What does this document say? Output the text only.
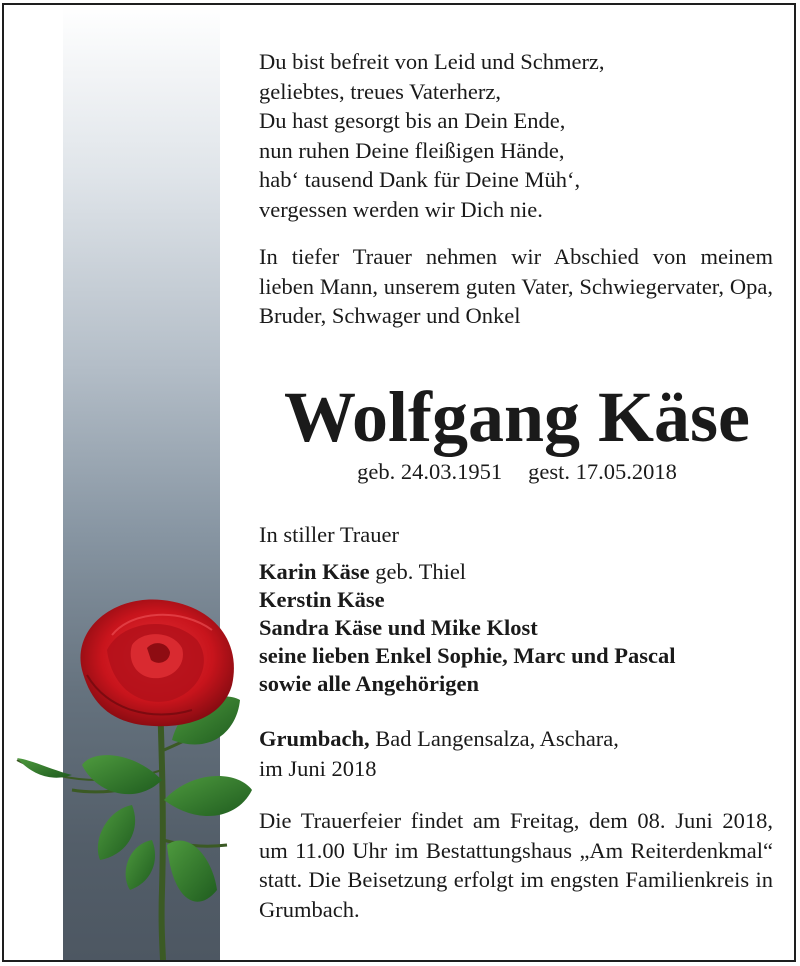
Du bist befreit von Leid und Schmerz,
geliebtes, treues Vaterherz,
Du hast gesorgt bis an Dein Ende,
nun ruhen Deine fleißigen Hände,
hab‘ tausend Dank für Deine Müh‘,
vergessen werden wir Dich nie.
In tiefer Trauer nehmen wir Abschied von meinem lieben Mann, unserem guten Vater, Schwiegervater, Opa, Bruder, Schwager und Onkel
Wolfgang Käse
geb. 24.03.1951 gest. 17.05.2018
In stiller Trauer
Karin Käse geb. Thiel
Kerstin Käse
Sandra Käse und Mike Klost
seine lieben Enkel Sophie, Marc und Pascal
sowie alle Angehörigen
Grumbach, Bad Langensalza, Aschara,
im Juni 2018
Die Trauerfeier findet am Freitag, dem 08. Juni 2018, um 11.00 Uhr im Bestattungshaus „Am Reiterdenkmal“ statt. Die Beisetzung erfolgt im engsten Familienkreis in Grumbach.
